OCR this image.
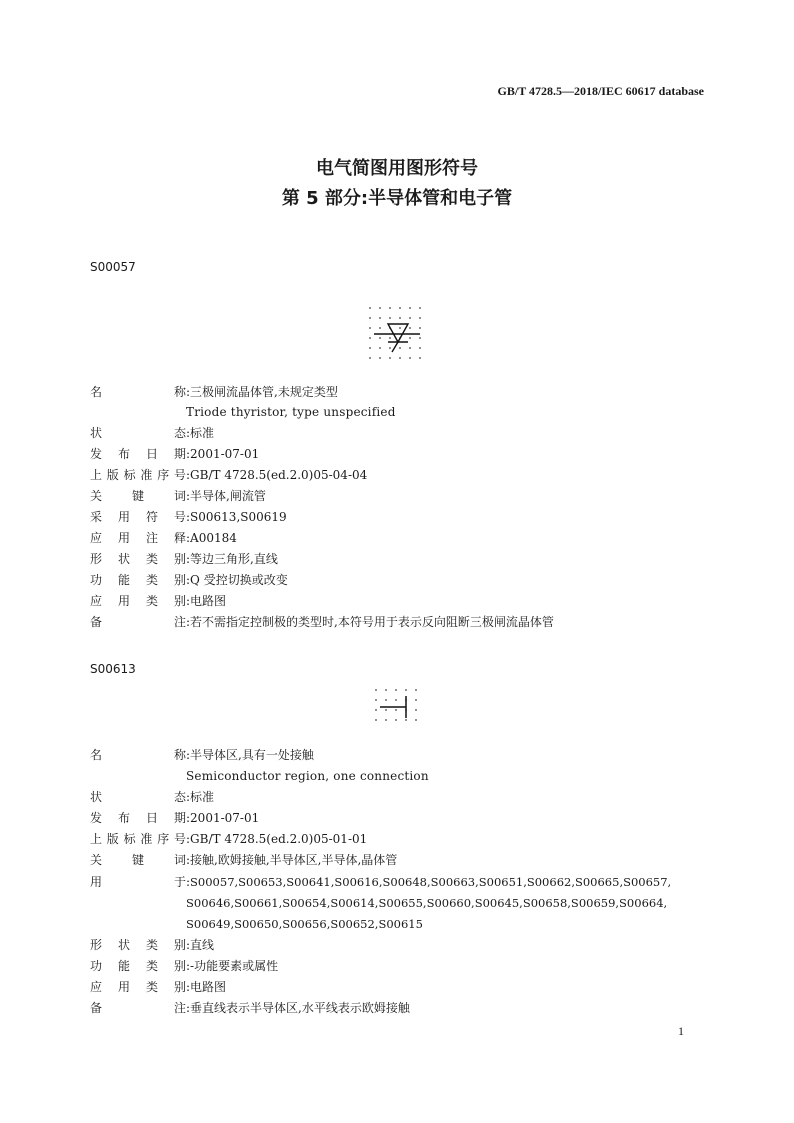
GB/T 4728.5—2018/IEC 60617 database
电气简图用图形符号
第 5 部分:半导体管和电子管
S00057
名称:三极闸流晶体管,未规定类型
Triode thyristor, type unspecified
状态:标准
发布日期:2001-07-01
上版标准序号:GB/T 4728.5(ed.2.0)05-04-04
关键词:半导体,闸流管
采用符号:S00613,S00619
应用注释:A00184
形状类别:等边三角形,直线
功能类别:Q 受控切换或改变
应用类别:电路图
备注:若不需指定控制极的类型时,本符号用于表示反向阻断三极闸流晶体管
S00613
名称:半导体区,具有一处接触
Semiconductor region, one connection
状态:标准
发布日期:2001-07-01
上版标准序号:GB/T 4728.5(ed.2.0)05-01-01
关键词:接触,欧姆接触,半导体区,半导体,晶体管
用于:S00057,S00653,S00641,S00616,S00648,S00663,S00651,S00662,S00665,S00657,
S00646,S00661,S00654,S00614,S00655,S00660,S00645,S00658,S00659,S00664,
S00649,S00650,S00656,S00652,S00615
形状类别:直线
功能类别:-功能要素或属性
应用类别:电路图
备注:垂直线表示半导体区,水平线表示欧姆接触
1
